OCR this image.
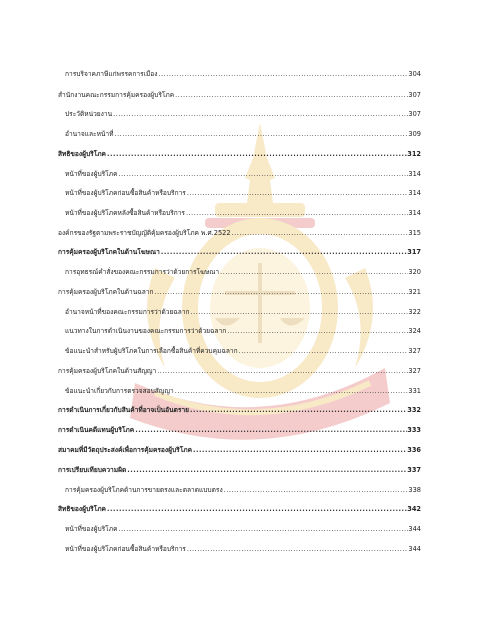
การบริจาคภาษีแก่พรรคการเมือง .....	304
สำนักงานคณะกรรมการคุ้มครองผู้บริโภค .....	307
ประวัติหน่วยงาน .....	307
อำนาจและหน้าที่ .....	309
สิทธิของผู้บริโภค .....	312
หน้าที่ของผู้บริโภค .....	314
หน้าที่ของผู้บริโภคก่อนซื้อสินค้าหรือบริการ .....	314
หน้าที่ของผู้บริโภคหลังซื้อสินค้าหรือบริการ .....	314
องค์กรของรัฐตามพระราชบัญญัติคุ้มครองผู้บริโภค พ.ศ.2522 .....	315
การคุ้มครองผู้บริโภคในด้านโฆษณา .....	317
การอุทธรณ์คำสั่งของคณะกรรมการว่าด้วยการโฆษณา .....	320
การคุ้มครองผู้บริโภคในด้านฉลาก .....	321
อำนาจหน้าที่ของคณะกรรมการว่าด้วยฉลาก .....	322
แนวทางในการดำเนินงานของคณะกรรมการว่าด้วยฉลาก .....	324
ข้อแนะนำสำหรับผู้บริโภคในการเลือกซื้อสินค้าที่ควบคุมฉลาก .....	327
การคุ้มครองผู้บริโภคในด้านสัญญา .....	327
ข้อแนะนำเกี่ยวกับการตรวจสอบสัญญา .....	331
การดำเนินการเกี่ยวกับสินค้าที่อาจเป็นอันตราย .....	332
การดำเนินคดีแทนผู้บริโภค .....	333
สมาคมที่มีวัตถุประสงค์เพื่อการคุ้มครองผู้บริโภค .....	336
การเปรียบเทียบความผิด .....	337
การคุ้มครองผู้บริโภคด้านการขายตรงและตลาดแบบตรง .....	338
สิทธิของผู้บริโภค .....	342
หน้าที่ของผู้บริโภค .....	344
หน้าที่ของผู้บริโภคก่อนซื้อสินค้าหรือบริการ .....	344
